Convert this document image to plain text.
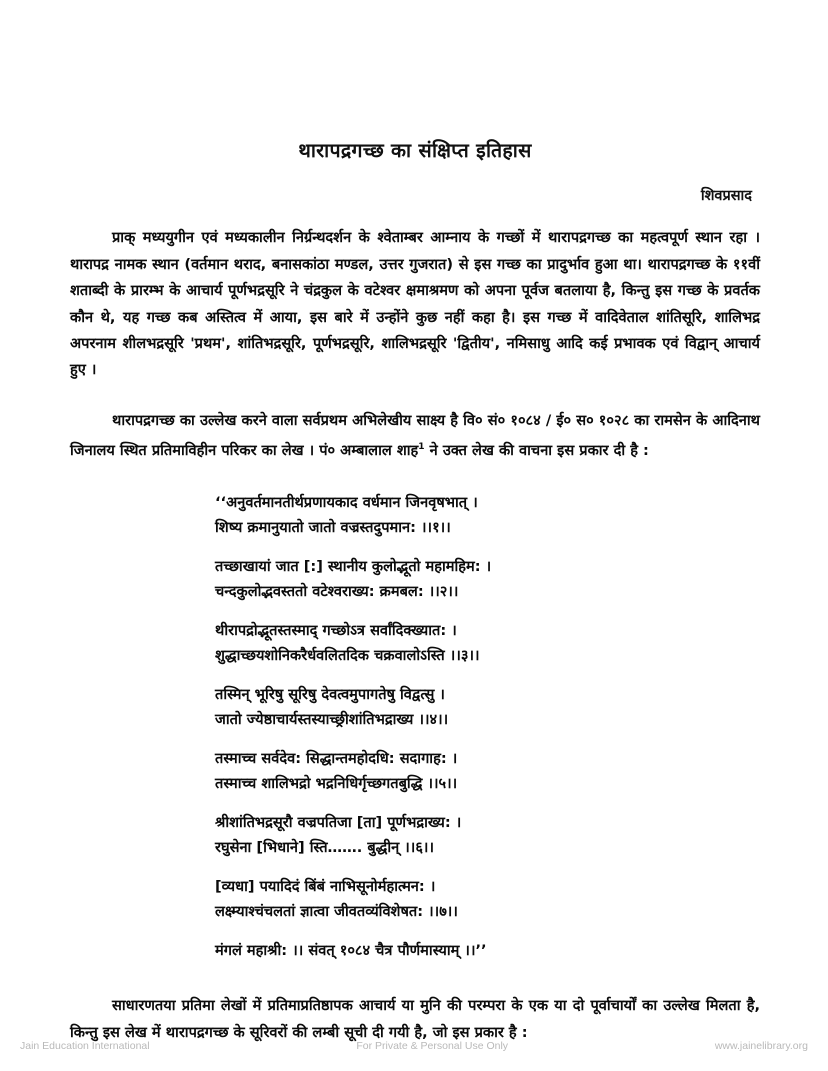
थारापद्रगच्छ का संक्षिप्त इतिहास
शिवप्रसाद

प्राक् मध्ययुगीन एवं मध्यकालीन निर्ग्रन्थदर्शन के श्वेताम्बर आम्नाय के गच्छों में थारापद्रगच्छ का महत्वपूर्ण स्थान रहा । थारापद्र नामक स्थान (वर्तमान थराद, बनासकांठा मण्डल, उत्तर गुजरात) से इस गच्छ का प्रादुर्भाव हुआ था। थारापद्रगच्छ के ११वीं शताब्दी के प्रारम्भ के आचार्य पूर्णभद्रसूरि ने चंद्रकुल के वटेश्वर क्षमाश्रमण को अपना पूर्वज बतलाया है, किन्तु इस गच्छ के प्रवर्तक कौन थे, यह गच्छ कब अस्तित्व में आया, इस बारे में उन्होंने कुछ नहीं कहा है। इस गच्छ में वादिवेताल शांतिसूरि, शालिभद्र अपरनाम शीलभद्रसूरि 'प्रथम', शांतिभद्रसूरि, पूर्णभद्रसूरि, शालिभद्रसूरि 'द्वितीय', नमिसाधु आदि कई प्रभावक एवं विद्वान् आचार्य हुए ।

थारापद्रगच्छ का उल्लेख करने वाला सर्वप्रथम अभिलेखीय साक्ष्य है वि० सं० १०८४ / ई० स० १०२८ का रामसेन के आदिनाथ जिनालय स्थित प्रतिमाविहीन परिकर का लेख । पं० अम्बालाल शाह$^1$ ने उक्त लेख की वाचना इस प्रकार दी है :

‘‘अनुवर्तमानतीर्थप्रणायकाद वर्धमान जिनवृषभात् ।
शिष्य क्रमानुयातो जातो वज्रस्तदुपमान: ।।१।।
तच्छाखायां जात [:] स्थानीय कुलोद्भूतो महामहिम: ।
चन्दकुलोद्भवस्ततो वटेश्वराख्य: क्रमबल: ।।२।।
थीरापद्रोद्भूतस्तस्माद् गच्छोऽत्र सर्वांदिक्ख्यात: ।
शुद्धाच्छयशोनिकरैर्धवलितदिक चक्रवालोऽस्ति ।।३।।
तस्मिन् भूरिषु सूरिषु देवत्वमुपागतेषु विद्वत्सु ।
जातो ज्येष्ठाचार्यस्तस्याच्छ्रीशांतिभद्राख्य ।।४।।
तस्माच्च सर्वदेव: सिद्धान्तमहोदधि: सदागाह: ।
तस्माच्च शालिभद्रो भद्रनिधिर्गृच्छगतबुद्धि ।।५।।
श्रीशांतिभद्रसूरौ वज्रपतिजा [ता] पूर्णभद्राख्य: ।
रघुसेना [भिधाने] स्ति……. बुद्धीन् ।।६।।
[व्यधा] पयादिदं बिंबं नाभिसूनोर्महात्मन: ।
लक्ष्म्याश्चंचलतां ज्ञात्वा जीवतव्यंविशेषत: ।।७।।
मंगलं महाश्री: ।। संवत् १०८४ चैत्र पौर्णमास्याम् ।।’’

साधारणतया प्रतिमा लेखों में प्रतिमाप्रतिष्ठापक आचार्य या मुनि की परम्परा के एक या दो पूर्वाचार्यों का उल्लेख मिलता है, किन्तु इस लेख में थारापद्रगच्छ के सूरिवरों की लम्बी सूची दी गयी है, जो इस प्रकार है :

Jain Education International	For Private & Personal Use Only	www.jainelibrary.org
